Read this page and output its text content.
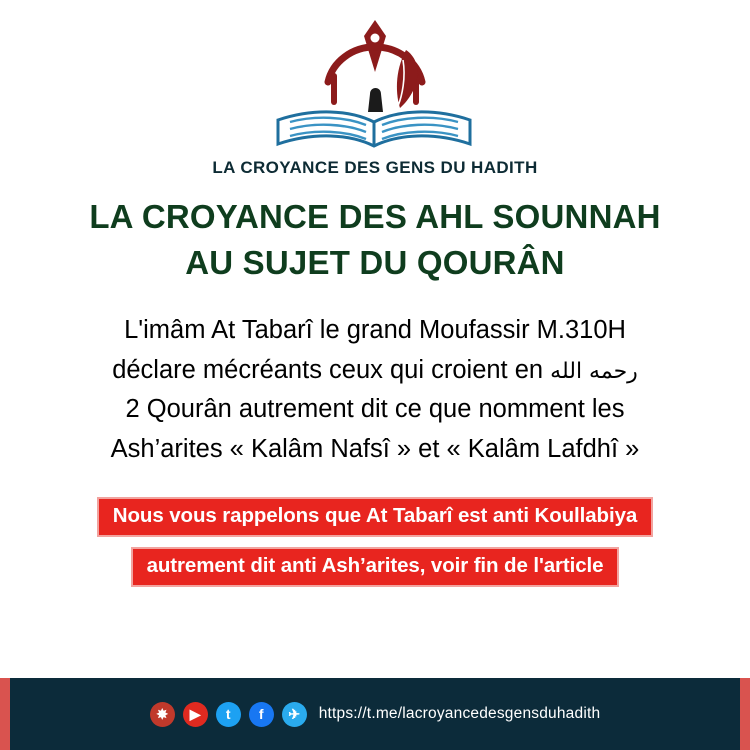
LA CROYANCE DES GENS DU HADITH
LA CROYANCE DES AHL SOUNNAH
AU SUJET DU QOURÂN
L'imâm At Tabarî le grand Moufassir M.310H
déclare mécréants ceux qui croient en رحمه الله
2 Qourân autrement dit ce que nomment les
Ash’arites « Kalâm Nafsî » et « Kalâm Lafdhî »
Nous vous rappelons que At Tabarî est anti Koullabiya
autrement dit anti Ash’arites, voir fin de l'article
✸	▶	t	f	✈	https://t.me/lacroyancedesgensduhadith
